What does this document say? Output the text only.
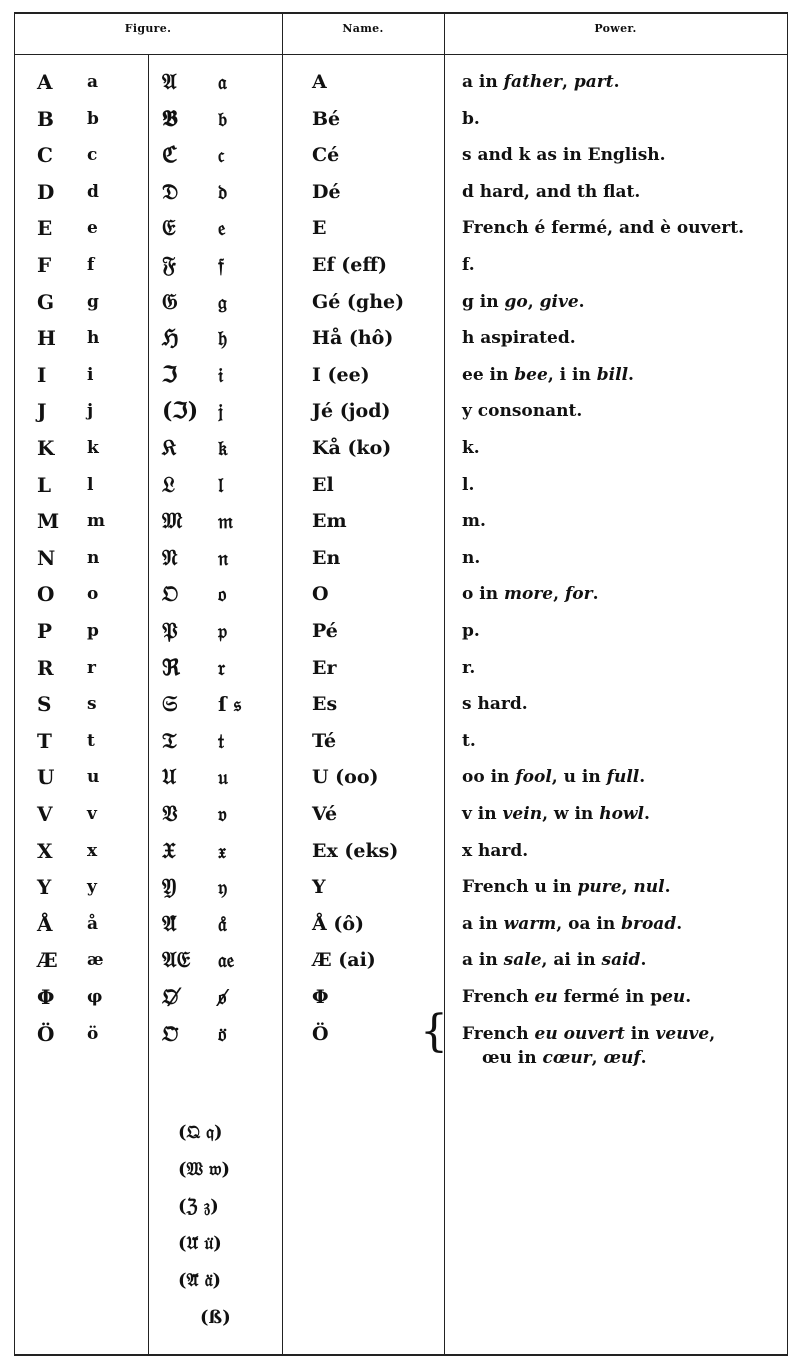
Figure.	Name.	Power.
A a	𝔄 𝔞	A	a in father, part.
B b	𝕭 𝔟	Bé	b.
C c	ℭ 𝔠	Cé	s and k as in English.
D d	𝔇 𝔡	Dé	d hard, and th flat.
E e	𝔈 𝔢	E	French é fermé, and è ouvert.
F f	𝔉 𝔣	Ef (eff)	f.
G g	𝔊 𝔤	Gé (ghe)	g in go, give.
H h	ℌ 𝔥	Hå (hô)	h aspirated.
I i	ℑ 𝔦	I (ee)	ee in bee, i in bill.
J j	(ℑ) 𝔧	Jé (jod)	y consonant.
K k	𝔎 𝔨	Kå (ko)	k.
L l	𝔏 𝔩	El	l.
M m	𝔐 𝔪	Em	m.
N n	𝔑 𝔫	En	n.
O o	𝔒 𝔬	O	o in more, for.
P p	𝔓 𝔭	Pé	p.
R r	ℜ 𝔯	Er	r.
S s	𝔖 ſ 𝔰	Es	s hard.
T t	𝔗 𝔱	Té	t.
U u	𝔘 𝔲	U (oo)	oo in fool, u in full.
V v	𝔙 𝔳	Vé	v in vein, w in howl.
X x	𝔛 𝔵	Ex (eks)	x hard.
Y y	𝔜 𝔶	Y	French u in pure, nul.
Å å	𝔄̊ 𝔞̊	Å (ô)	a in warm, oa in broad.
Æ æ	𝔄𝔈 𝔞𝔢	Æ (ai)	a in sale, ai in said.
Φ φ	𝔒̸ 𝔬̸	Φ	French eu fermé in peu.
Ö ö	𝔒̈ 𝔬̈	Ö	French eu ouvert in veuve,
{
œu in cœur, œuf.
(𝔔 𝔮)
(𝔚 𝔴)
(ℨ 𝔷)
(𝔘̈ 𝔲̈)
(𝔄̈ 𝔞̈)
(ß)
